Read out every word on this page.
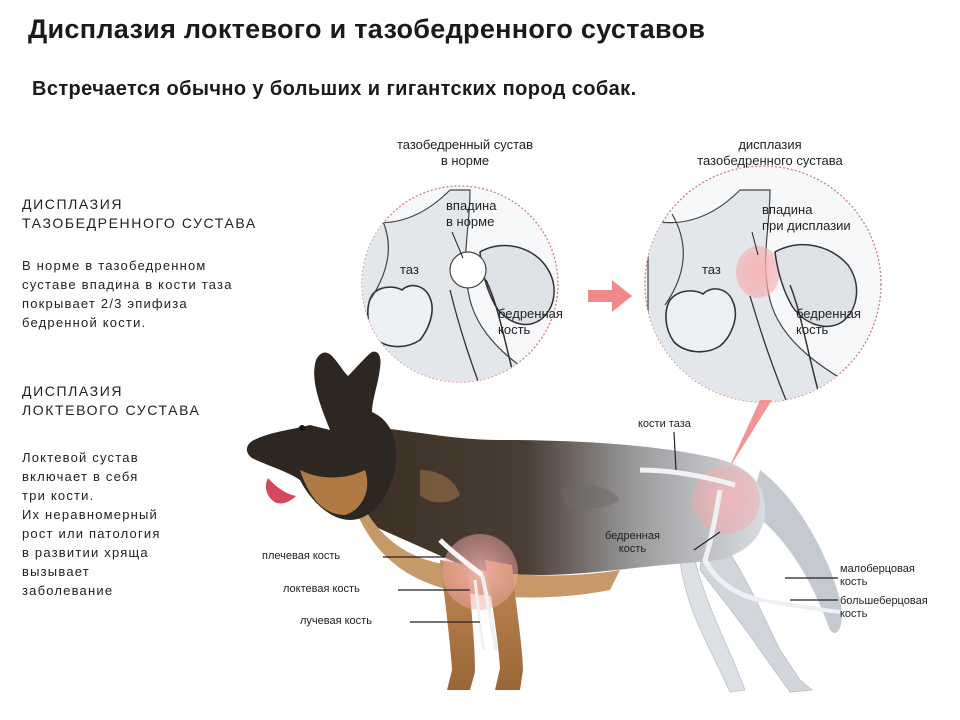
Дисплазия локтевого и тазобедренного суставов
Встречается обычно у больших и гигантских пород собак.
ДИСПЛАЗИЯ
ТАЗОБЕДРЕННОГО СУСТАВА
В норме в тазобедренном
суставе впадина в кости таза
покрывает 2/3 эпифиза
бедренной кости.
ДИСПЛАЗИЯ
ЛОКТЕВОГО СУСТАВА
Локтевой сустав
включает в себя
три кости.
Их неравномерный
рост или патология
в развитии хряща
вызывает
заболевание
тазобедренный сустав
в норме
впадина
в норме
таз
бедренная
кость
дисплазия
тазобедренного сустава
впадина
при дисплазии
таз
бедренная
кость
кости таза
бедренная
кость
плечевая кость
локтевая кость
лучевая кость
малоберцовая
кость
большеберцовая
кость
